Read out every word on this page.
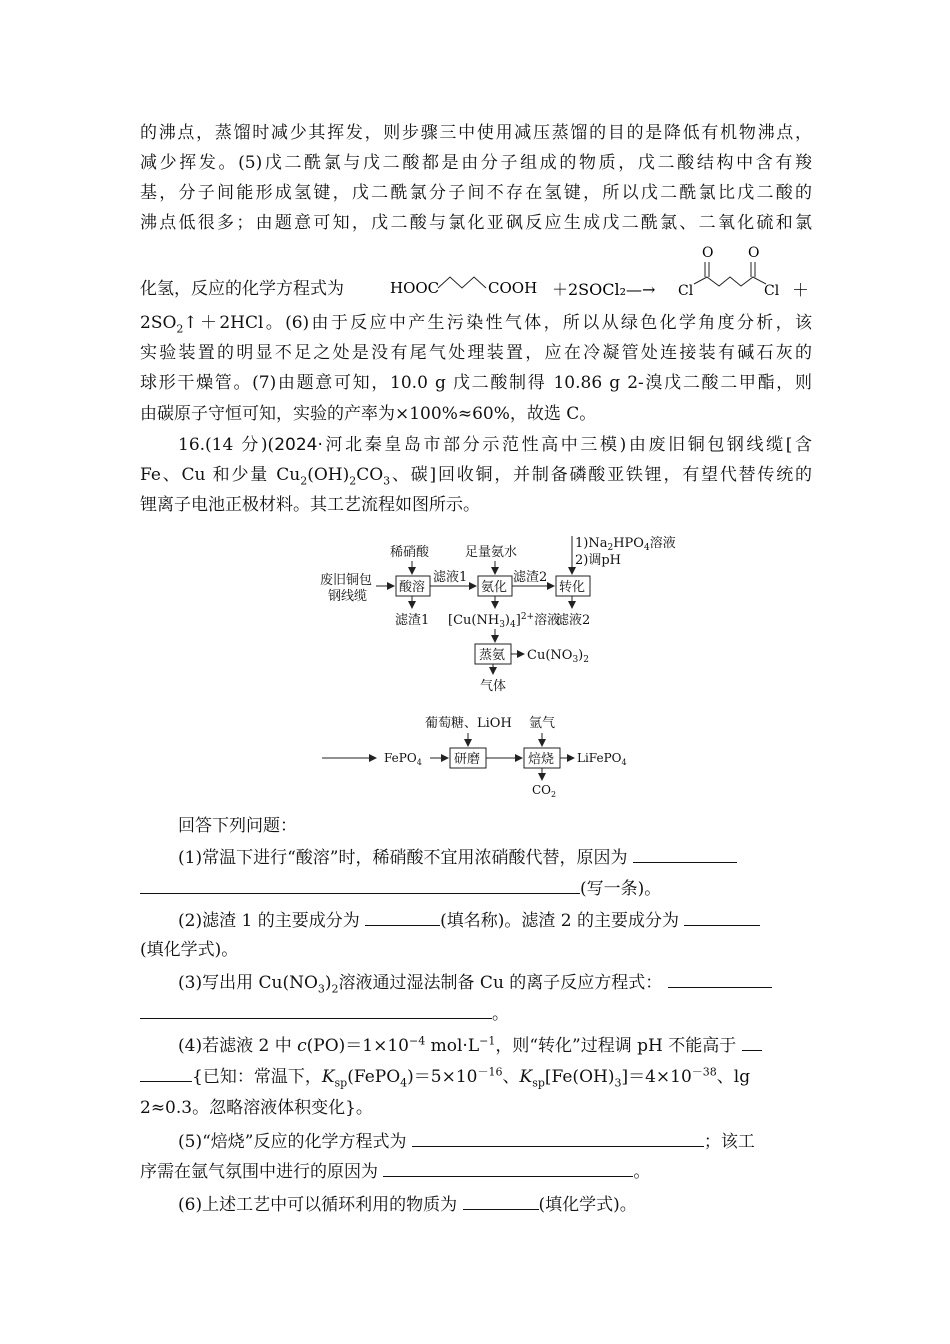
的沸点，蒸馏时减少其挥发，则步骤三中使用减压蒸馏的目的是降低有机物沸点，
减少挥发。(5)戊二酰氯与戊二酸都是由分子组成的物质，戊二酸结构中含有羧
基，分子间能形成氢键，戊二酰氯分子间不存在氢键，所以戊二酰氯比戊二酸的
沸点低很多；由题意可知，戊二酸与氯化亚砜反应生成戊二酰氯、二氧化硫和氯
化氢，反应的化学方程式为	HOOC	COOH ＋2SOCl₂—→
O O
Cl	Cl ＋
$2SO_2↑+2HCl$。(6)由于反应中产生污染性气体，所以从绿色化学角度分析，该
实验装置的明显不足之处是没有尾气处理装置，应在冷凝管处连接装有碱石灰的
球形干燥管。(7)由题意可知，10.0 g 戊二酸制得 10.86 g 2-溴戊二酸二甲酯，则
由碳原子守恒可知，实验的产率为×100%≈60%，故选 C。
16.(14 分)(2024·河北秦皇岛市部分示范性高中三模)由废旧铜包钢线缆[含
Fe、Cu 和少量 $Cu_2(OH)_2CO_3$、碳]回收铜，并制备磷酸亚铁锂，有望代替传统的
锂离子电池正极材料。其工艺流程如图所示。
废旧铜包
钢线缆
稀硝酸
酸溶
滤液1
足量氨水
氨化
滤渣2
$1)Na_2HPO_4$溶液
2)调pH
转化
滤渣1 $[Cu(NH_3)_4]^{2+}$溶液
滤液2
蒸氨 $Cu(NO_3)_2$
气体
葡萄糖、LiOH 氩气
FePO$_4$ 研磨	焙烧 LiFePO$_4$
$CO_2$
回答下列问题：
(1)常温下进行“酸溶”时，稀硝酸不宜用浓硝酸代替，原因为
(写一条)。
(2)滤渣 1 的主要成分为	(填名称)。滤渣 2 的主要成分为
(填化学式)。
(3)写出用 $Cu(NO_3)_2$溶液通过湿法制备 Cu 的离子反应方程式：
。
(4)若滤液 2 中 $c(PO)=1\times 10^{-4}$ $mol\cdot L^{-1}$，则“转化”过程调 pH 不能高于
{已知：常温下，$K_{sp}(FePO_4)=5\times 10^{-16}$、$K_{sp}[Fe(OH)_3]=4\times 10^{-38}$、lg
2≈0.3。忽略溶液体积变化}。
(5)“焙烧”反应的化学方程式为	；该工
序需在氩气氛围中进行的原因为	。
(6)上述工艺中可以循环利用的物质为	(填化学式)。
